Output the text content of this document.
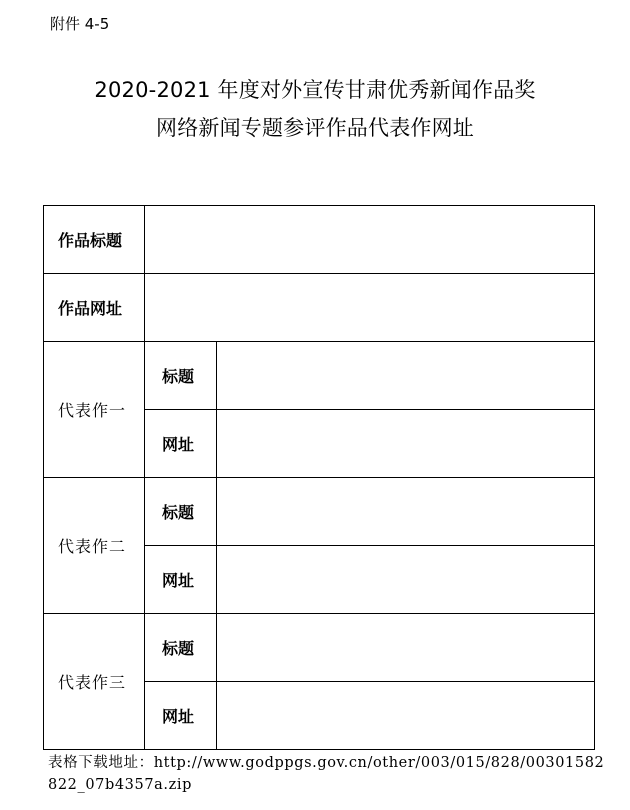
附件 4-5
2020-2021 年度对外宣传甘肃优秀新闻作品奖
网络新闻专题参评作品代表作网址
作品标题		
作品网址		
代表作一	标题	
	网址	
代表作二	标题	
	网址	
代表作三	标题	
	网址	
表格下载地址：http://www.godppgs.gov.cn/other/003/015/828/00301582822_07b4357a.zip
